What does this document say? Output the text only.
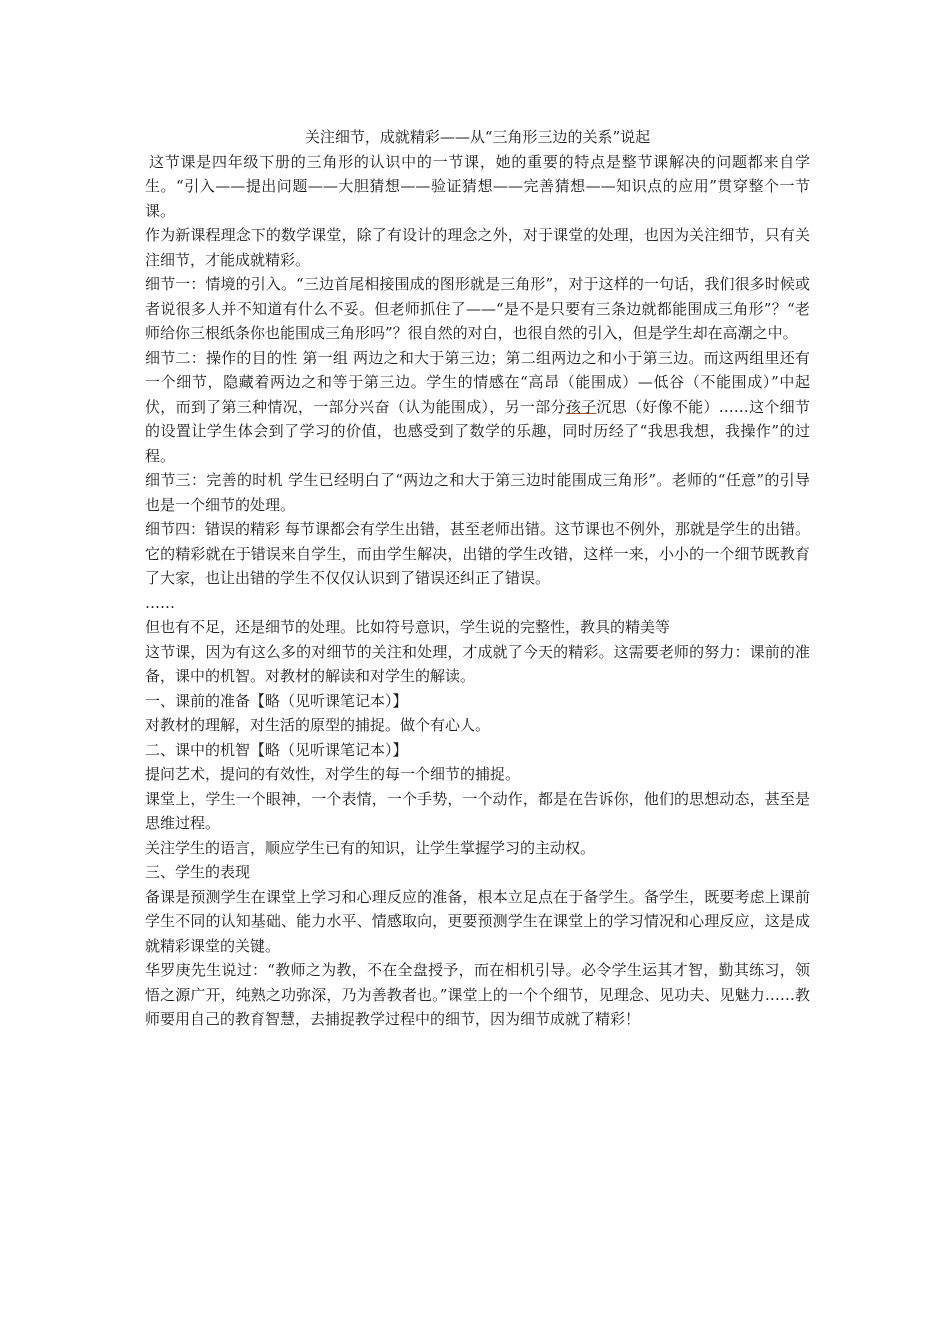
关注细节，成就精彩——从“三角形三边的关系”说起

这节课是四年级下册的三角形的认识中的一节课，她的重要的特点是整节课解决的问题都来自学生。“引入——提出问题——大胆猜想——验证猜想——完善猜想——知识点的应用”贯穿整个一节课。

作为新课程理念下的数学课堂，除了有设计的理念之外，对于课堂的处理，也因为关注细节，只有关注细节，才能成就精彩。

细节一：情境的引入。“三边首尾相接围成的图形就是三角形”，对于这样的一句话，我们很多时候或者说很多人并不知道有什么不妥。但老师抓住了——“是不是只要有三条边就都能围成三角形”？“老师给你三根纸条你也能围成三角形吗”？很自然的对白，也很自然的引入，但是学生却在高潮之中。

细节二：操作的目的性 第一组 两边之和大于第三边；第二组两边之和小于第三边。而这两组里还有一个细节，隐藏着两边之和等于第三边。学生的情感在“高昂（能围成）—低谷（不能围成）”中起伏，而到了第三种情况，一部分兴奋（认为能围成），另一部分孩子沉思（好像不能）……这个细节的设置让学生体会到了学习的价值，也感受到了数学的乐趣，同时历经了“我思我想，我操作”的过程。

细节三：完善的时机 学生已经明白了“两边之和大于第三边时能围成三角形”。老师的“任意”的引导也是一个细节的处理。

细节四：错误的精彩 每节课都会有学生出错，甚至老师出错。这节课也不例外，那就是学生的出错。它的精彩就在于错误来自学生，而由学生解决，出错的学生改错，这样一来，小小的一个细节既教育了大家，也让出错的学生不仅仅认识到了错误还纠正了错误。

……

但也有不足，还是细节的处理。比如符号意识，学生说的完整性，教具的精美等

这节课，因为有这么多的对细节的关注和处理，才成就了今天的精彩。这需要老师的努力：课前的准备，课中的机智。对教材的解读和对学生的解读。

一、课前的准备【略（见听课笔记本）】

对教材的理解，对生活的原型的捕捉。做个有心人。

二、课中的机智【略（见听课笔记本）】

提问艺术，提问的有效性，对学生的每一个细节的捕捉。

课堂上，学生一个眼神，一个表情，一个手势，一个动作，都是在告诉你，他们的思想动态，甚至是思维过程。

关注学生的语言，顺应学生已有的知识，让学生掌握学习的主动权。

三、学生的表现

备课是预测学生在课堂上学习和心理反应的准备，根本立足点在于备学生。备学生，既要考虑上课前学生不同的认知基础、能力水平、情感取向，更要预测学生在课堂上的学习情况和心理反应，这是成就精彩课堂的关键。

华罗庚先生说过：“教师之为教，不在全盘授予，而在相机引导。必令学生运其才智，勤其练习，领悟之源广开，纯熟之功弥深，乃为善教者也。”课堂上的一个个细节，见理念、见功夫、见魅力……教师要用自己的教育智慧，去捕捉教学过程中的细节，因为细节成就了精彩！
